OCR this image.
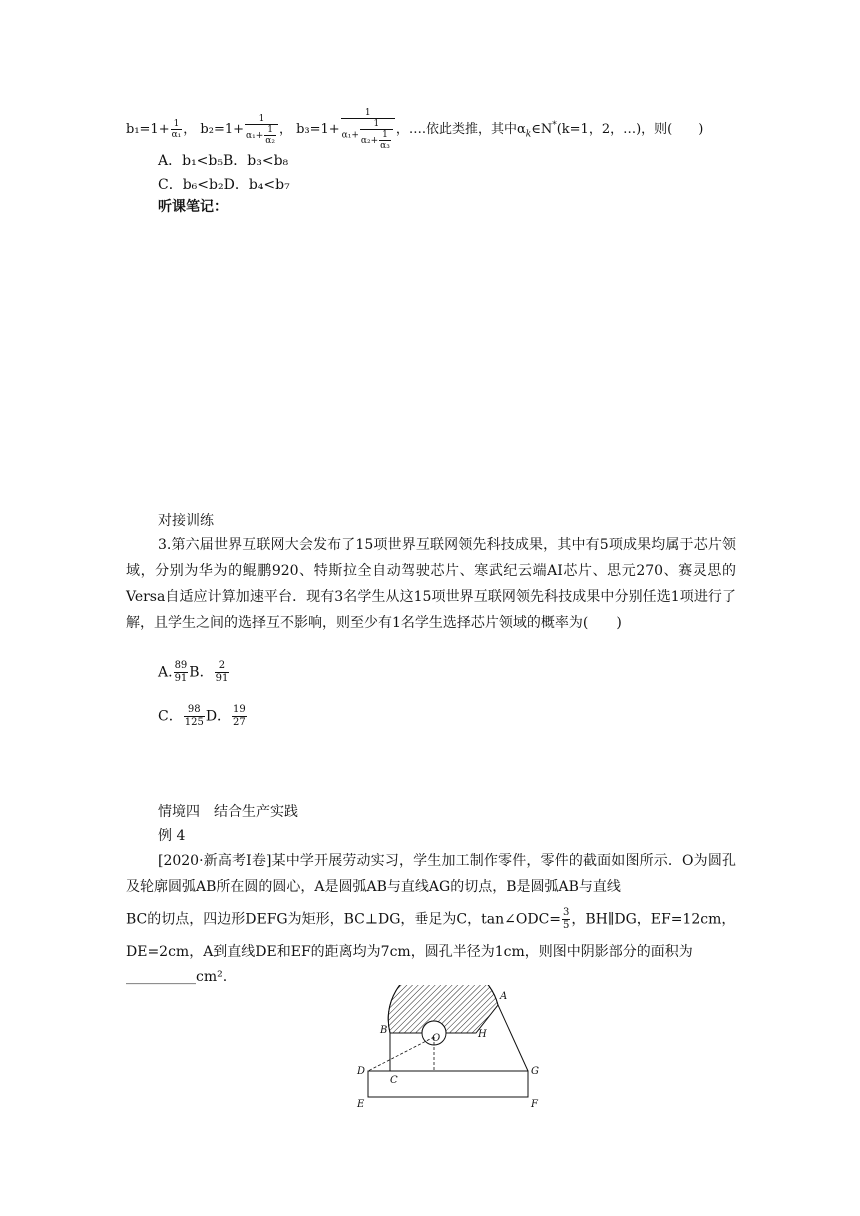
$b_1=1+ \frac{1}{\text{α₁}}$ ， $b_2=1+ \frac{1}{\alpha_1+ \frac{1}{\text{α₂}}}$ ， $b_3=1+ \frac{1}{\alpha_1+ \frac{1}{\alpha_2+ \frac{1}{\text{α₃}}}}$ ，….依此类推，其中$\alpha_k\in N^*(k=1$，2，…)，则(　　)
A．b₁<b₅B．b₃<b₈
C．b₆<b₂D．b₄<b₇
听课笔记：
对接训练
3.第六届世界互联网大会发布了15项世界互联网领先科技成果，其中有5项成果均属于芯片领域，分别为华为的鲲鹏920、特斯拉全自动驾驶芯片、寒武纪云端AI芯片、思元270、赛灵思的Versa自适应计算加速平台．现有3名学生从这15项世界互联网领先科技成果中分别任选1项进行了解，且学生之间的选择互不影响，则至少有1名学生选择芯片领域的概率为(　　)
A. $\frac{89}{91}$ B． $\frac{2}{91}$
C． $\frac{98}{125}$ D． $\frac{19}{27}$
情境四　结合生产实践
例 4
[2020·新高考Ⅰ卷]某中学开展劳动实习，学生加工制作零件，零件的截面如图所示．O为圆孔及轮廓圆弧AB所在圆的圆心，A是圆弧AB与直线AG的切点，B是圆弧AB与直线
BC的切点，四边形DEFG为矩形，BC⊥DG，垂足为C，tan∠ODC= $\frac{3}{5}$ ，BH∥DG，EF=12cm，
DE=2cm，A到直线DE和EF的距离均为7cm，圆孔半径为1cm，则图中阴影部分的面积为
__________cm².
A
B	H
O
D
C
G
E	F
